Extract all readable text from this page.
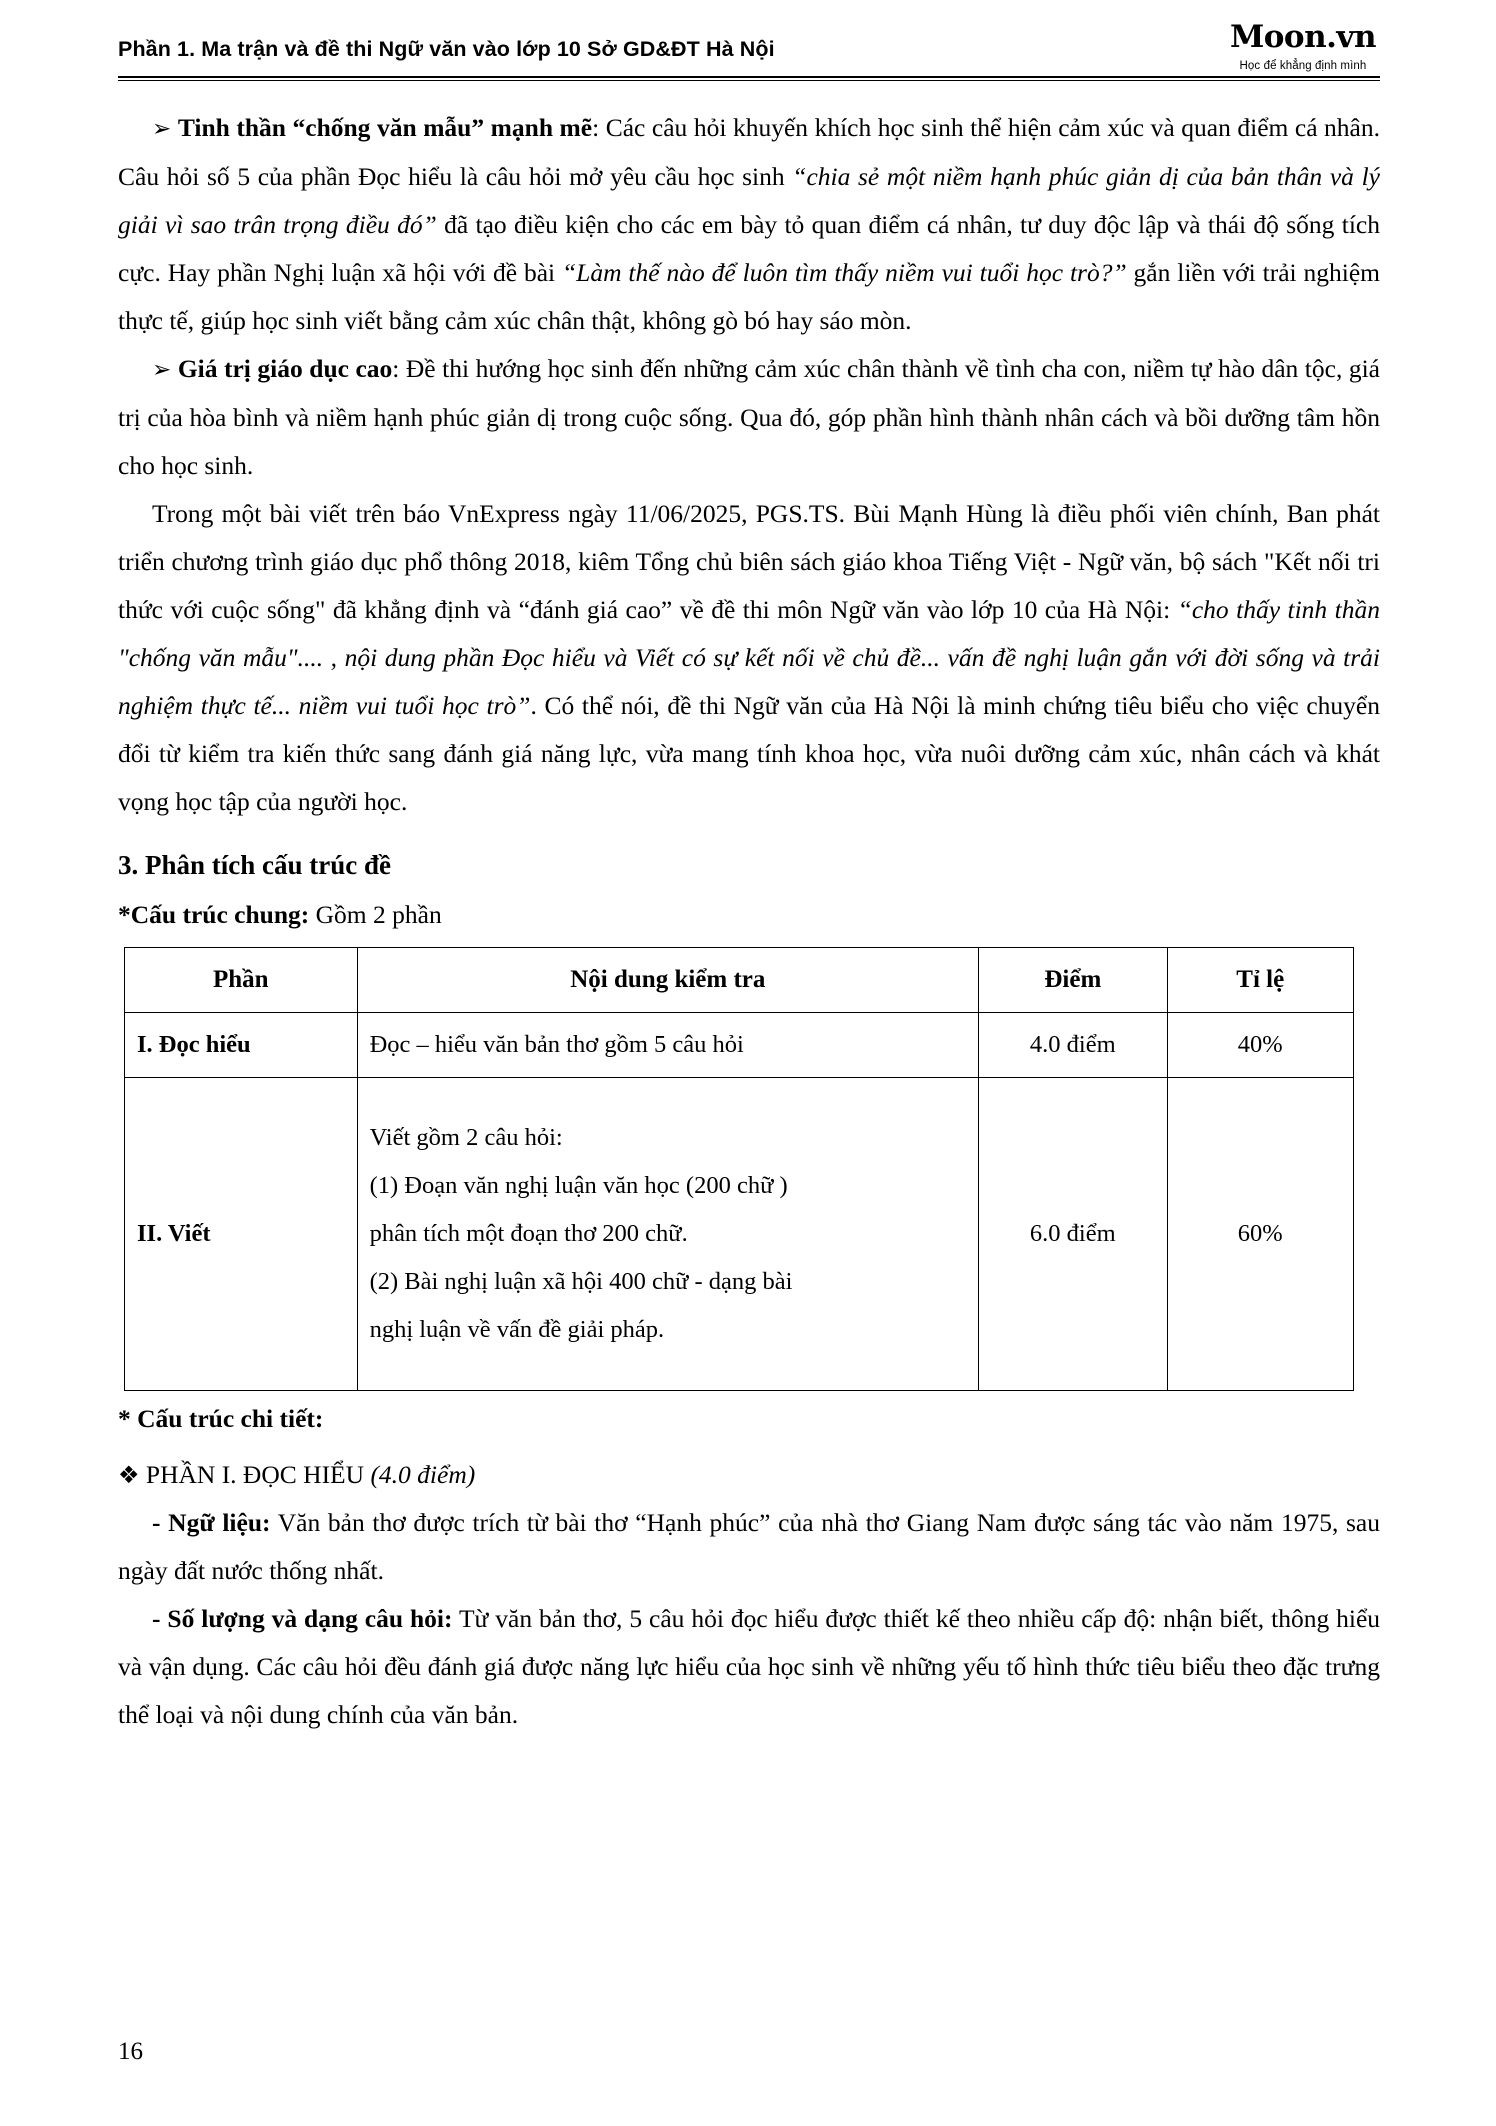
Phần 1. Ma trận và đề thi Ngữ văn vào lớp 10 Sở GD&ĐT Hà Nội	Moon.vn
Học để khẳng định mình

➢ Tinh thần “chống văn mẫu” mạnh mẽ: Các câu hỏi khuyến khích học sinh thể hiện cảm xúc và quan điểm cá nhân. Câu hỏi số 5 của phần Đọc hiểu là câu hỏi mở yêu cầu học sinh “chia sẻ một niềm hạnh phúc giản dị của bản thân và lý giải vì sao trân trọng điều đó” đã tạo điều kiện cho các em bày tỏ quan điểm cá nhân, tư duy độc lập và thái độ sống tích cực. Hay phần Nghị luận xã hội với đề bài “Làm thế nào để luôn tìm thấy niềm vui tuổi học trò?” gắn liền với trải nghiệm thực tế, giúp học sinh viết bằng cảm xúc chân thật, không gò bó hay sáo mòn.

➢ Giá trị giáo dục cao: Đề thi hướng học sinh đến những cảm xúc chân thành về tình cha con, niềm tự hào dân tộc, giá trị của hòa bình và niềm hạnh phúc giản dị trong cuộc sống. Qua đó, góp phần hình thành nhân cách và bồi dưỡng tâm hồn cho học sinh.

Trong một bài viết trên báo VnExpress ngày 11/06/2025, PGS.TS. Bùi Mạnh Hùng là điều phối viên chính, Ban phát triển chương trình giáo dục phổ thông 2018, kiêm Tổng chủ biên sách giáo khoa Tiếng Việt - Ngữ văn, bộ sách "Kết nối tri thức với cuộc sống" đã khẳng định và “đánh giá cao” về đề thi môn Ngữ văn vào lớp 10 của Hà Nội: “cho thấy tinh thần "chống văn mẫu".... , nội dung phần Đọc hiểu và Viết có sự kết nối về chủ đề... vấn đề nghị luận gắn với đời sống và trải nghiệm thực tế... niềm vui tuổi học trò”. Có thể nói, đề thi Ngữ văn của Hà Nội là minh chứng tiêu biểu cho việc chuyển đổi từ kiểm tra kiến thức sang đánh giá năng lực, vừa mang tính khoa học, vừa nuôi dưỡng cảm xúc, nhân cách và khát vọng học tập của người học.

3. Phân tích cấu trúc đề
*Cấu trúc chung: Gồm 2 phần
Phần	Nội dung kiểm tra	Điểm	Tỉ lệ
I. Đọc hiểu	Đọc – hiểu văn bản thơ gồm 5 câu hỏi	4.0 điểm	40%
II. Viết	Viết gồm 2 câu hỏi:
(1) Đoạn văn nghị luận văn học (200 chữ )
phân tích một đoạn thơ 200 chữ.
(2) Bài nghị luận xã hội 400 chữ - dạng bài
nghị luận về vấn đề giải pháp.	6.0 điểm	60%
* Cấu trúc chi tiết:

❖ PHẦN I. ĐỌC HIỂU (4.0 điểm)

- Ngữ liệu: Văn bản thơ được trích từ bài thơ “Hạnh phúc” của nhà thơ Giang Nam được sáng tác vào năm 1975, sau ngày đất nước thống nhất.

- Số lượng và dạng câu hỏi: Từ văn bản thơ, 5 câu hỏi đọc hiểu được thiết kế theo nhiều cấp độ: nhận biết, thông hiểu và vận dụng. Các câu hỏi đều đánh giá được năng lực hiểu của học sinh về những yếu tố hình thức tiêu biểu theo đặc trưng thể loại và nội dung chính của văn bản.

16
